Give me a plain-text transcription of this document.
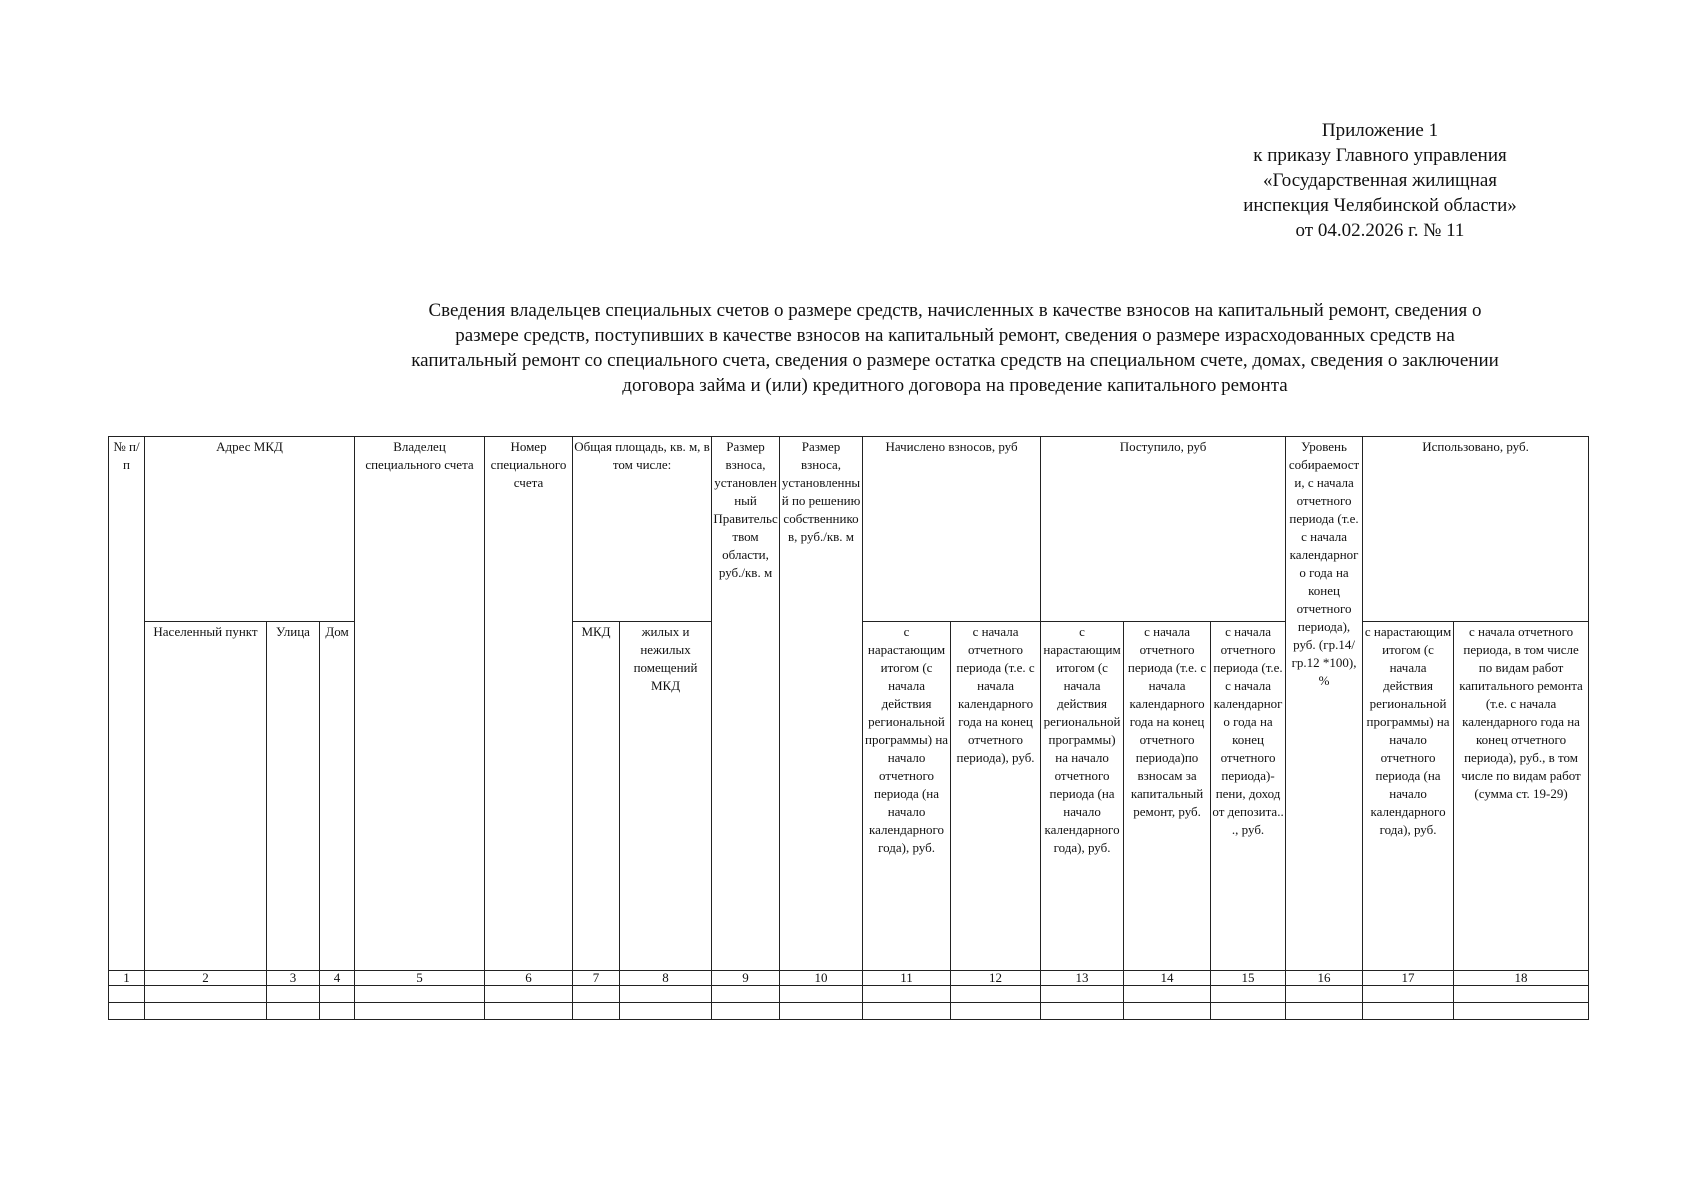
Приложение 1
к приказу Главного управления
«Государственная жилищная
инспекция Челябинской области»
от 04.02.2026 г. № 11
Сведения владельцев специальных счетов о размере средств, начисленных в качестве взносов на капитальный ремонт, сведения о
размере средств, поступивших в качестве взносов на капитальный ремонт, сведения о размере израсходованных средств на
капитальный ремонт со специального счета, сведения о размере остатка средств на специальном счете, домах, сведения о заключении
договора займа и (или) кредитного договора на проведение капитального ремонта
№ п/п	Адрес МКД			Владелец специального счета	Номер специального счета	Общая площадь, кв. м, в том числе:		Размер взноса, установленный Правительством области, руб./кв. м	Размер взноса, установленный по решению собственников, руб./кв. м	Начислено взносов, руб		Поступило, руб			Уровень собираемости, с начала отчетного периода (т.е. с начала календарного года на конец отчетного периода), руб. (гр.14/гр.12 *100), %	Использовано, руб.	
	Населенный пункт	Улица	Дом			МКД	жилых и нежилых помещений МКД			с нарастающим итогом (с начала действия региональной программы) на начало отчетного периода (на начало календарного года), руб.	с начала отчетного периода (т.е. с начала календарного года на конец отчетного периода), руб.	с нарастающим итогом (с начала действия региональной программы) на начало отчетного периода (на начало календарного года), руб.	с начала отчетного периода (т.е. с начала календарного года на конец отчетного периода)по взносам за капитальный ремонт, руб.	с начала отчетного периода (т.е. с начала календарного года на конец отчетного периода)-пени, доход от депозита.. ., руб.		с нарастающим итогом (с начала действия региональной программы) на начало отчетного периода (на начало календарного года), руб.	с начала отчетного периода, в том числе по видам работ капитального ремонта (т.е. с начала календарного года на конец отчетного периода), руб., в том числе по видам работ (сумма ст. 19-29)
1	2	3	4	5	6	7	8	9	10	11	12	13	14	15	16	17	18
